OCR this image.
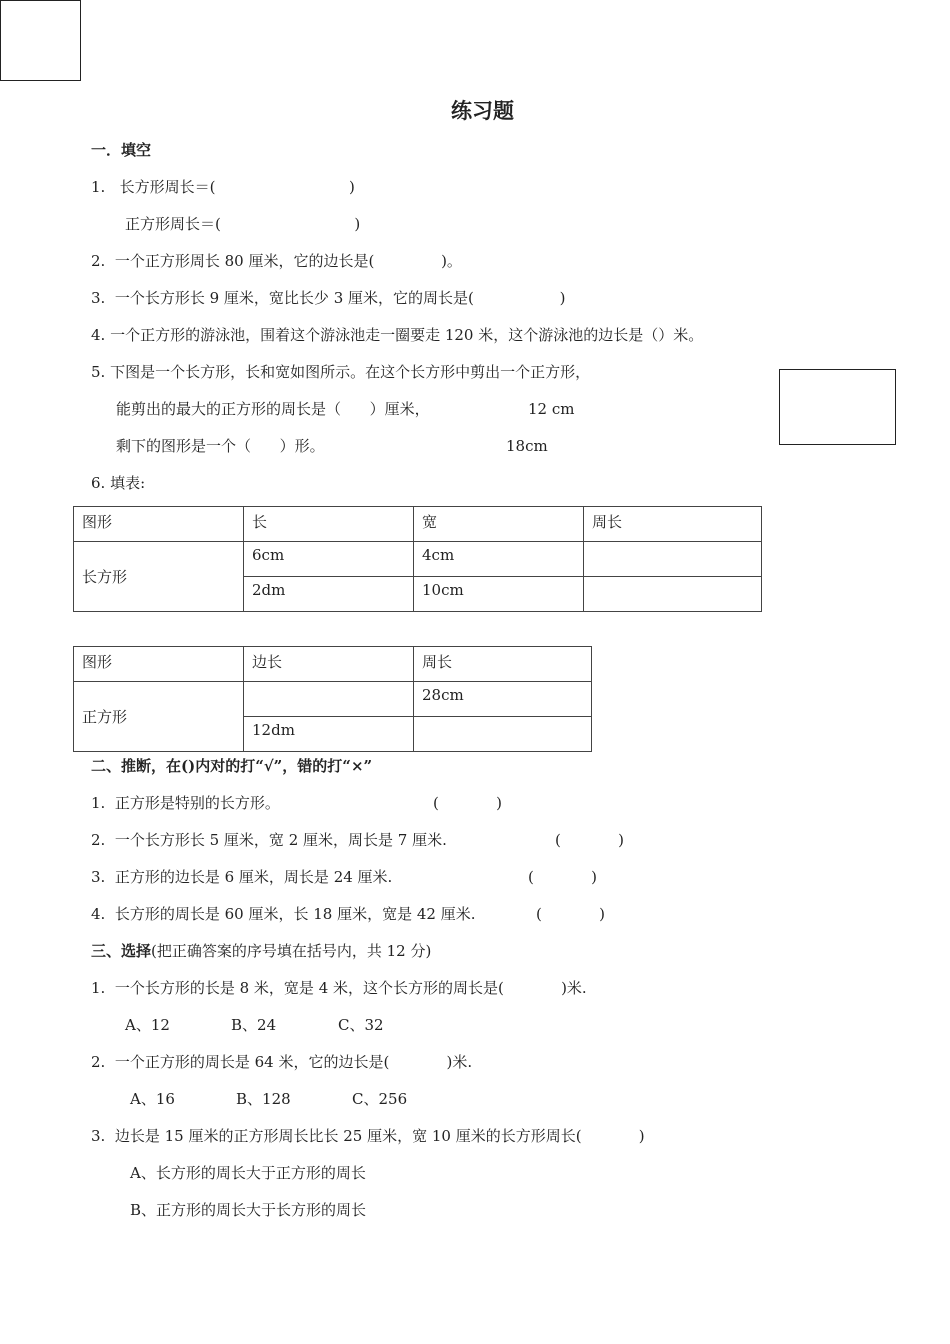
练习题
一．填空
1.   长方形周长＝(                            )
正方形周长＝(                            )
2.  一个正方形周长 80 厘米，它的边长是(              )。
3.  一个长方形长 9 厘米，宽比长少 3 厘米，它的周长是(                  )
4. 一个正方形的游泳池，围着这个游泳池走一圈要走 120 米，这个游泳池的边长是（）米。
5. 下图是一个长方形，长和宽如图所示。在这个长方形中剪出一个正方形，
能剪出的最大的正方形的周长是（      ）厘米，	12 cm
剩下的图形是一个（      ）形。	18cm
6. 填表:
图形	长	宽	周长
长方形	6cm	4cm	
	2dm	10cm	
图形	边长	周长
正方形		28cm
	12dm	
二、推断，在()内对的打“√”，错的打“×”
1.  正方形是特别的长方形。	(            )
2.  一个长方形长 5 厘米，宽 2 厘米，周长是 7 厘米.	(            )
3.  正方形的边长是 6 厘米，周长是 24 厘米.	(            )
4.  长方形的周长是 60 厘米，长 18 厘米，宽是 42 厘米.	(            )
三、选择(把正确答案的序号填在括号内，共 12 分)
1.  一个长方形的长是 8 米，宽是 4 米，这个长方形的周长是(            )米.
A、12	B、24	C、32
2.  一个正方形的周长是 64 米，它的边长是(            )米.
A、16	B、128	C、256
3.  边长是 15 厘米的正方形周长比长 25 厘米，宽 10 厘米的长方形周长(            )
A、长方形的周长大于正方形的周长
B、正方形的周长大于长方形的周长
